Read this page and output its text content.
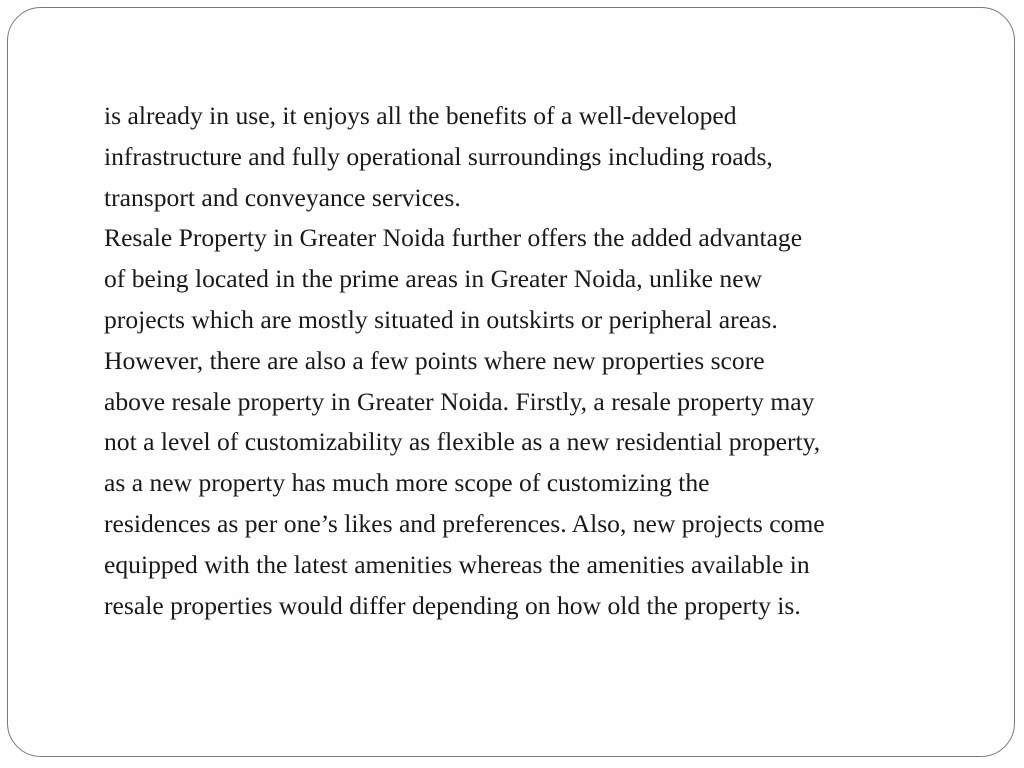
is already in use, it enjoys all the benefits of a well-developed
infrastructure and fully operational surroundings including roads,
transport and conveyance services.
Resale Property in Greater Noida further offers the added advantage
of being located in the prime areas in Greater Noida, unlike new
projects which are mostly situated in outskirts or peripheral areas.
However, there are also a few points where new properties score
above resale property in Greater Noida. Firstly, a resale property may
not a level of customizability as flexible as a new residential property,
as a new property has much more scope of customizing the
residences as per one’s likes and preferences. Also, new projects come
equipped with the latest amenities whereas the amenities available in
resale properties would differ depending on how old the property is.
